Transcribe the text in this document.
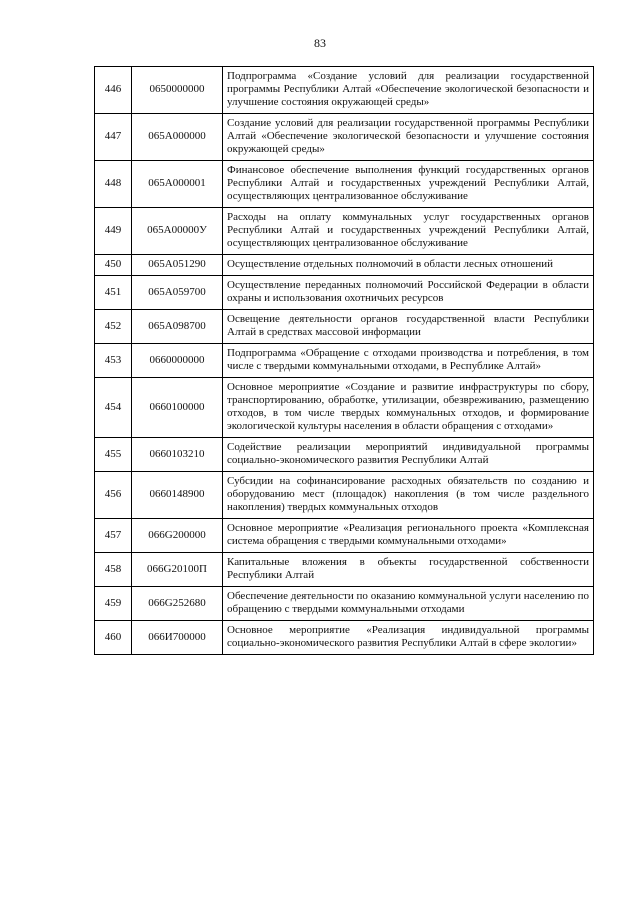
83
446	0650000000	Подпрограмма «Создание условий для реализации государственной программы Республики Алтай «Обеспечение экологической безопасности и улучшение состояния окружающей среды»
447	065A000000	Создание условий для реализации государственной программы Республики Алтай «Обеспечение экологической безопасности и улучшение состояния окружающей среды»
448	065A000001	Финансовое обеспечение выполнения функций государственных органов Республики Алтай и государственных учреждений Республики Алтай, осуществляющих централизованное обслуживание
449	065A00000У	Расходы на оплату коммунальных услуг государственных органов Республики Алтай и государственных учреждений Республики Алтай, осуществляющих централизованное обслуживание
450	065A051290	Осуществление отдельных полномочий в области лесных отношений
451	065A059700	Осуществление переданных полномочий Российской Федерации в области охраны и использования охотничьих ресурсов
452	065A098700	Освещение деятельности органов государственной власти Республики Алтай в средствах массовой информации
453	0660000000	Подпрограмма «Обращение с отходами производства и потребления, в том числе с твердыми коммунальными отходами, в Республике Алтай»
454	0660100000	Основное мероприятие «Создание и развитие инфраструктуры по сбору, транспортированию, обработке, утилизации, обезвреживанию, размещению отходов, в том числе твердых коммунальных отходов, и формирование экологической культуры населения в области обращения с отходами»
455	0660103210	Содействие реализации мероприятий индивидуальной программы социально-экономического развития Республики Алтай
456	0660148900	Субсидии на софинансирование расходных обязательств по созданию и оборудованию мест (площадок) накопления (в том числе раздельного накопления) твердых коммунальных отходов
457	066G200000	Основное мероприятие «Реализация регионального проекта «Комплексная система обращения с твердыми коммунальными отходами»
458	066G20100П	Капитальные вложения в объекты государственной собственности Республики Алтай
459	066G252680	Обеспечение деятельности по оказанию коммунальной услуги населению по обращению с твердыми коммунальными отходами
460	066И700000	Основное мероприятие «Реализация индивидуальной программы социально-экономического развития Республики Алтай в сфере экологии»
